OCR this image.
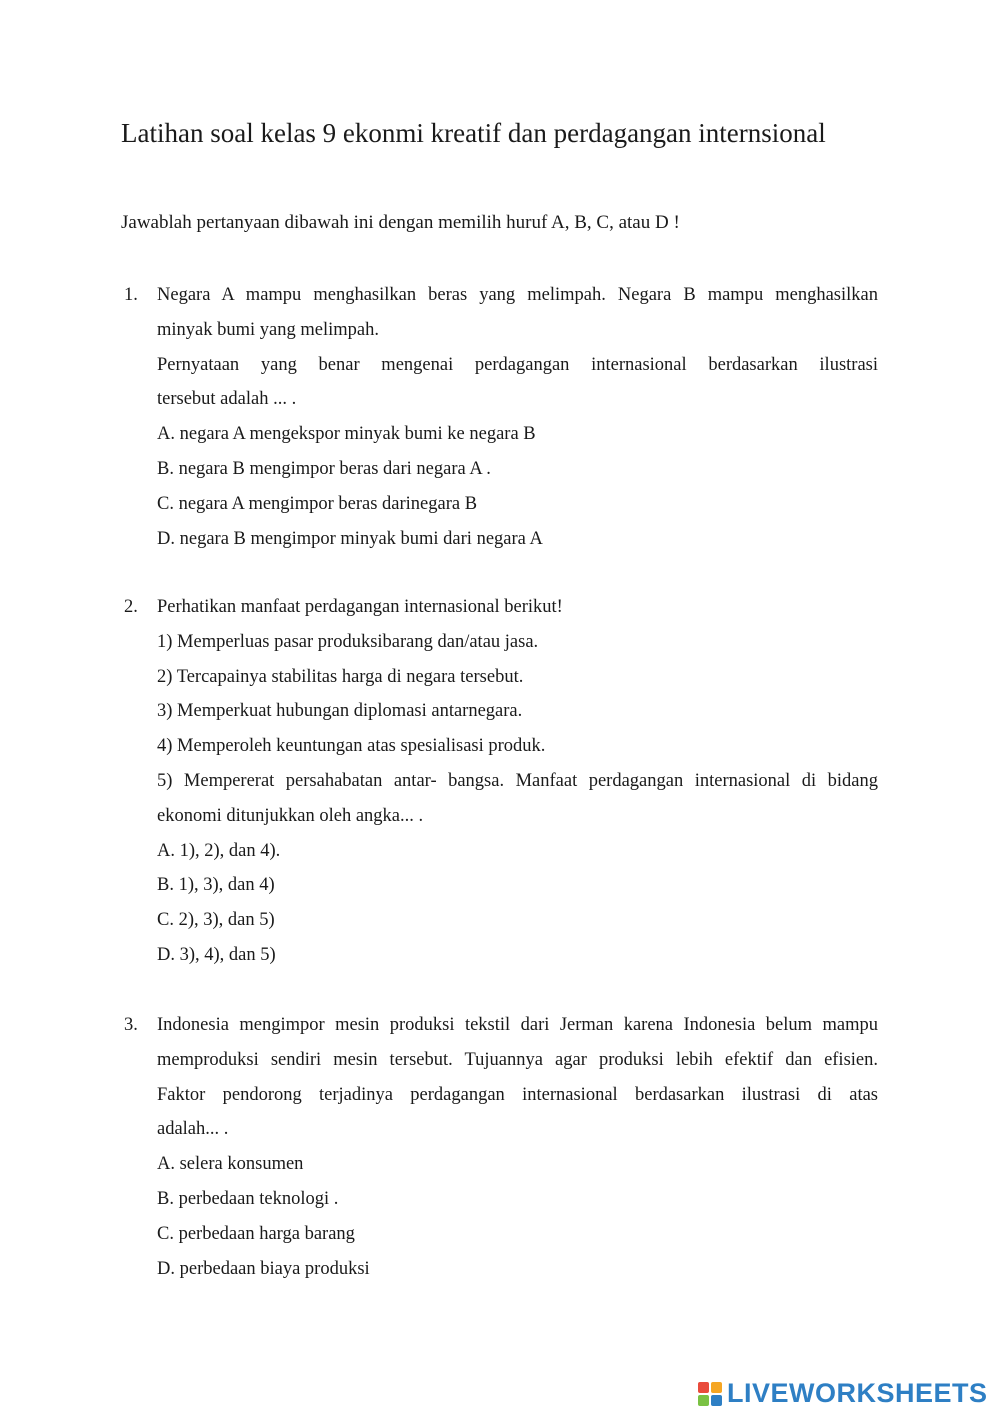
Latihan soal kelas 9 ekonmi kreatif dan perdagangan internsional
Jawablah pertanyaan dibawah ini dengan memilih huruf A, B, C, atau D !
1. Negara A mampu menghasilkan beras yang melimpah. Negara B mampu menghasilkan
minyak bumi yang melimpah.
Pernyataan yang benar mengenai perdagangan internasional berdasarkan ilustrasi
tersebut adalah ... .
A. negara A mengekspor minyak bumi ke negara B
B. negara B mengimpor beras dari negara A .
C. negara A mengimpor beras darinegara B
D. negara B mengimpor minyak bumi dari negara A
2. Perhatikan manfaat perdagangan internasional berikut!
1) Memperluas pasar produksibarang dan/atau jasa.
2) Tercapainya stabilitas harga di negara tersebut.
3) Memperkuat hubungan diplomasi antarnegara.
4) Memperoleh keuntungan atas spesialisasi produk.
5) Mempererat persahabatan antar- bangsa. Manfaat perdagangan internasional di bidang
ekonomi ditunjukkan oleh angka... .
A. 1), 2), dan 4).
B. 1), 3), dan 4)
C. 2), 3), dan 5)
D. 3), 4), dan 5)
3. Indonesia mengimpor mesin produksi tekstil dari Jerman karena Indonesia belum mampu
memproduksi sendiri mesin tersebut. Tujuannya agar produksi lebih efektif dan efisien.
Faktor pendorong terjadinya perdagangan internasional berdasarkan ilustrasi di atas
adalah... .
A. selera konsumen
B. perbedaan teknologi .
C. perbedaan harga barang
D. perbedaan biaya produksi
LIVEWORKSHEETS
